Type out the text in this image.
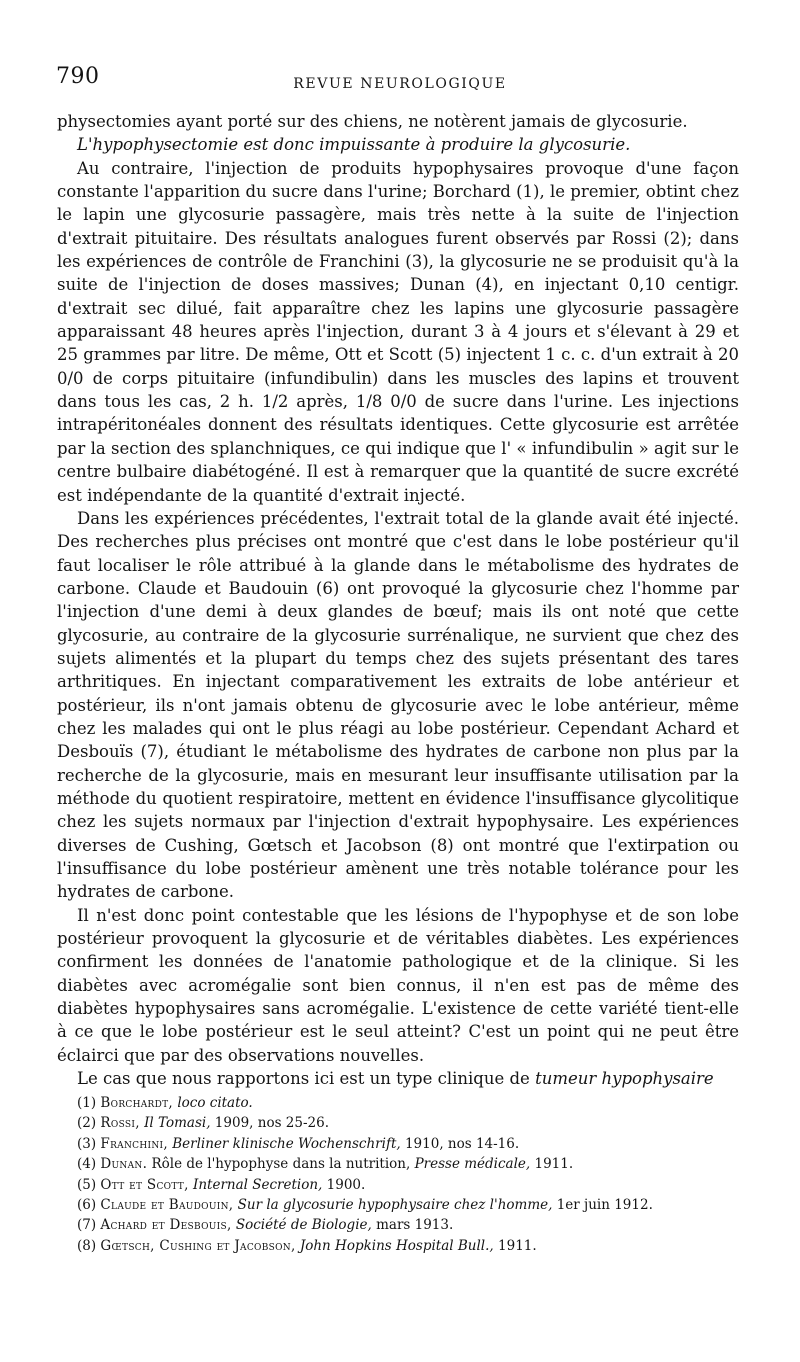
790	REVUE NEUROLOGIQUE

physectomies ayant porté sur des chiens, ne notèrent jamais de glycosurie.

L'hypophysectomie est donc impuissante à produire la glycosurie.

Au contraire, l'injection de produits hypophysaires provoque d'une façon constante l'apparition du sucre dans l'urine; Borchard (1), le premier, obtint chez le lapin une glycosurie passagère, mais très nette à la suite de l'injection d'extrait pituitaire. Des résultats analogues furent observés par Rossi (2); dans les expériences de contrôle de Franchini (3), la glycosurie ne se produisit qu'à la suite de l'injection de doses massives; Dunan (4), en injectant 0,10 centigr. d'extrait sec dilué, fait apparaître chez les lapins une glycosurie passagère apparaissant 48 heures après l'injection, durant 3 à 4 jours et s'élevant à 29 et 25 grammes par litre. De même, Ott et Scott (5) injectent 1 c. c. d'un extrait à 20 0/0 de corps pituitaire (infundibulin) dans les muscles des lapins et trouvent dans tous les cas, 2 h. 1/2 après, 1/8 0/0 de sucre dans l'urine. Les injections intrapéritonéales donnent des résultats identiques. Cette glycosurie est arrêtée par la section des splanchniques, ce qui indique que l' « infundibulin » agit sur le centre bulbaire diabétogéné. Il est à remarquer que la quantité de sucre excrété est indépendante de la quantité d'extrait injecté.

Dans les expériences précédentes, l'extrait total de la glande avait été injecté. Des recherches plus précises ont montré que c'est dans le lobe postérieur qu'il faut localiser le rôle attribué à la glande dans le métabolisme des hydrates de carbone. Claude et Baudouin (6) ont provoqué la glycosurie chez l'homme par l'injection d'une demi à deux glandes de bœuf; mais ils ont noté que cette glycosurie, au contraire de la glycosurie surrénalique, ne survient que chez des sujets alimentés et la plupart du temps chez des sujets présentant des tares arthritiques. En injectant comparativement les extraits de lobe antérieur et postérieur, ils n'ont jamais obtenu de glycosurie avec le lobe antérieur, même chez les malades qui ont le plus réagi au lobe postérieur. Cependant Achard et Desbouïs (7), étudiant le métabolisme des hydrates de carbone non plus par la recherche de la glycosurie, mais en mesurant leur insuffisante utilisation par la méthode du quotient respiratoire, mettent en évidence l'insuffisance glycolitique chez les sujets normaux par l'injection d'extrait hypophysaire. Les expériences diverses de Cushing, Gœtsch et Jacobson (8) ont montré que l'extirpation ou l'insuffisance du lobe postérieur amènent une très notable tolérance pour les hydrates de carbone.

Il n'est donc point contestable que les lésions de l'hypophyse et de son lobe postérieur provoquent la glycosurie et de véritables diabètes. Les expériences confirment les données de l'anatomie pathologique et de la clinique. Si les diabètes avec acromégalie sont bien connus, il n'en est pas de même des diabètes hypophysaires sans acromégalie. L'existence de cette variété tient-elle à ce que le lobe postérieur est le seul atteint? C'est un point qui ne peut être éclairci que par des observations nouvelles.

Le cas que nous rapportons ici est un type clinique de tumeur hypophysaire

(1) Borchardt, loco citato.
(2) Rossi, Il Tomasi, 1909, nos 25-26.
(3) Franchini, Berliner klinische Wochenschrift, 1910, nos 14-16.
(4) Dunan. Rôle de l'hypophyse dans la nutrition, Presse médicale, 1911.
(5) Ott et Scott, Internal Secretion, 1900.
(6) Claude et Baudouin, Sur la glycosurie hypophysaire chez l'homme, 1er juin 1912.
(7) Achard et Desbouis, Société de Biologie, mars 1913.
(8) Gœtsch, Cushing et Jacobson, John Hopkins Hospital Bull., 1911.
